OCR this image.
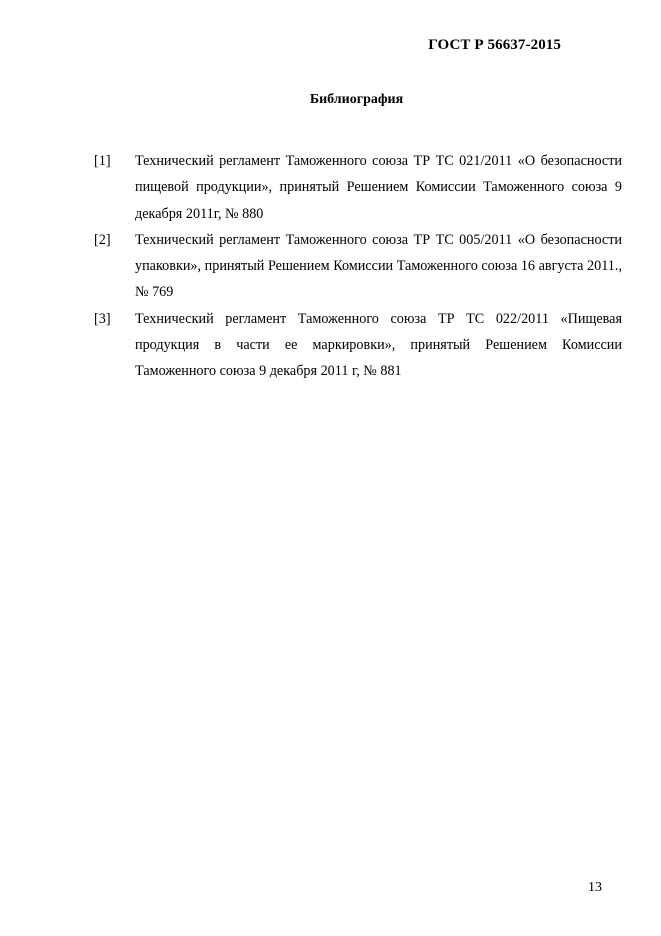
ГОСТ Р 56637-2015
Библиография
[1] Технический регламент Таможенного союза ТР ТС 021/2011 «О безопасности пищевой продукции», принятый Решением Комиссии Таможенного союза 9 декабря 2011г, № 880
[2] Технический регламент Таможенного союза ТР ТС 005/2011 «О безопасности упаковки», принятый Решением Комиссии Таможенного союза 16 августа 2011., № 769
[3] Технический регламент Таможенного союза ТР ТС 022/2011 «Пищевая продукция в части ее маркировки», принятый Решением Комиссии Таможенного союза 9 декабря 2011 г, № 881
13
